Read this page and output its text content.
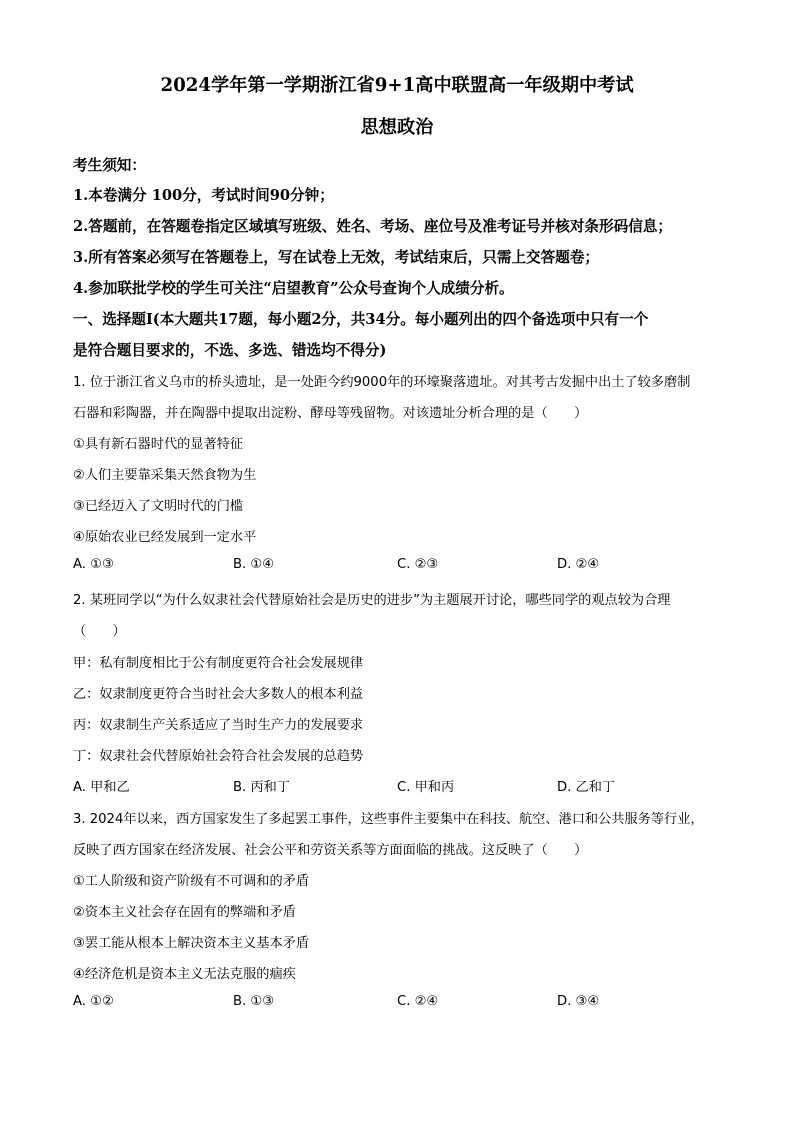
2024学年第一学期浙江省9+1高中联盟高一年级期中考试
思想政治
考生须知：
1.本卷满分 100分，考试时间90分钟；
2.答题前，在答题卷指定区域填写班级、姓名、考场、座位号及准考证号并核对条形码信息；
3.所有答案必须写在答题卷上，写在试卷上无效，考试结束后，只需上交答题卷；
4.参加联批学校的学生可关注“启望教育”公众号查询个人成绩分析。
一、选择题Ⅰ(本大题共17题，每小题2分，共34分。每小题列出的四个备选项中只有一个
是符合题目要求的，不选、多选、错选均不得分)
1. 位于浙江省义乌市的桥头遗址，是一处距今约9000年的环壕聚落遗址。对其考古发掘中出土了较多磨制
石器和彩陶器，并在陶器中提取出淀粉、酵母等残留物。对该遗址分析合理的是（　　）
①具有新石器时代的显著特征
②人们主要靠采集天然食物为生
③已经迈入了文明时代的门槛
④原始农业已经发展到一定水平
A. ①③	B. ①④	C. ②③	D. ②④
2. 某班同学以“为什么奴隶社会代替原始社会是历史的进步”为主题展开讨论，哪些同学的观点较为合理
（　　）
甲：私有制度相比于公有制度更符合社会发展规律
乙：奴隶制度更符合当时社会大多数人的根本利益
丙：奴隶制生产关系适应了当时生产力的发展要求
丁：奴隶社会代替原始社会符合社会发展的总趋势
A. 甲和乙	B. 丙和丁	C. 甲和丙	D. 乙和丁
3. 2024年以来，西方国家发生了多起罢工事件，这些事件主要集中在科技、航空、港口和公共服务等行业，
反映了西方国家在经济发展、社会公平和劳资关系等方面面临的挑战。这反映了（　　）
①工人阶级和资产阶级有不可调和的矛盾
②资本主义社会存在固有的弊端和矛盾
③罢工能从根本上解决资本主义基本矛盾
④经济危机是资本主义无法克服的痼疾
A. ①②	B. ①③	C. ②④	D. ③④
